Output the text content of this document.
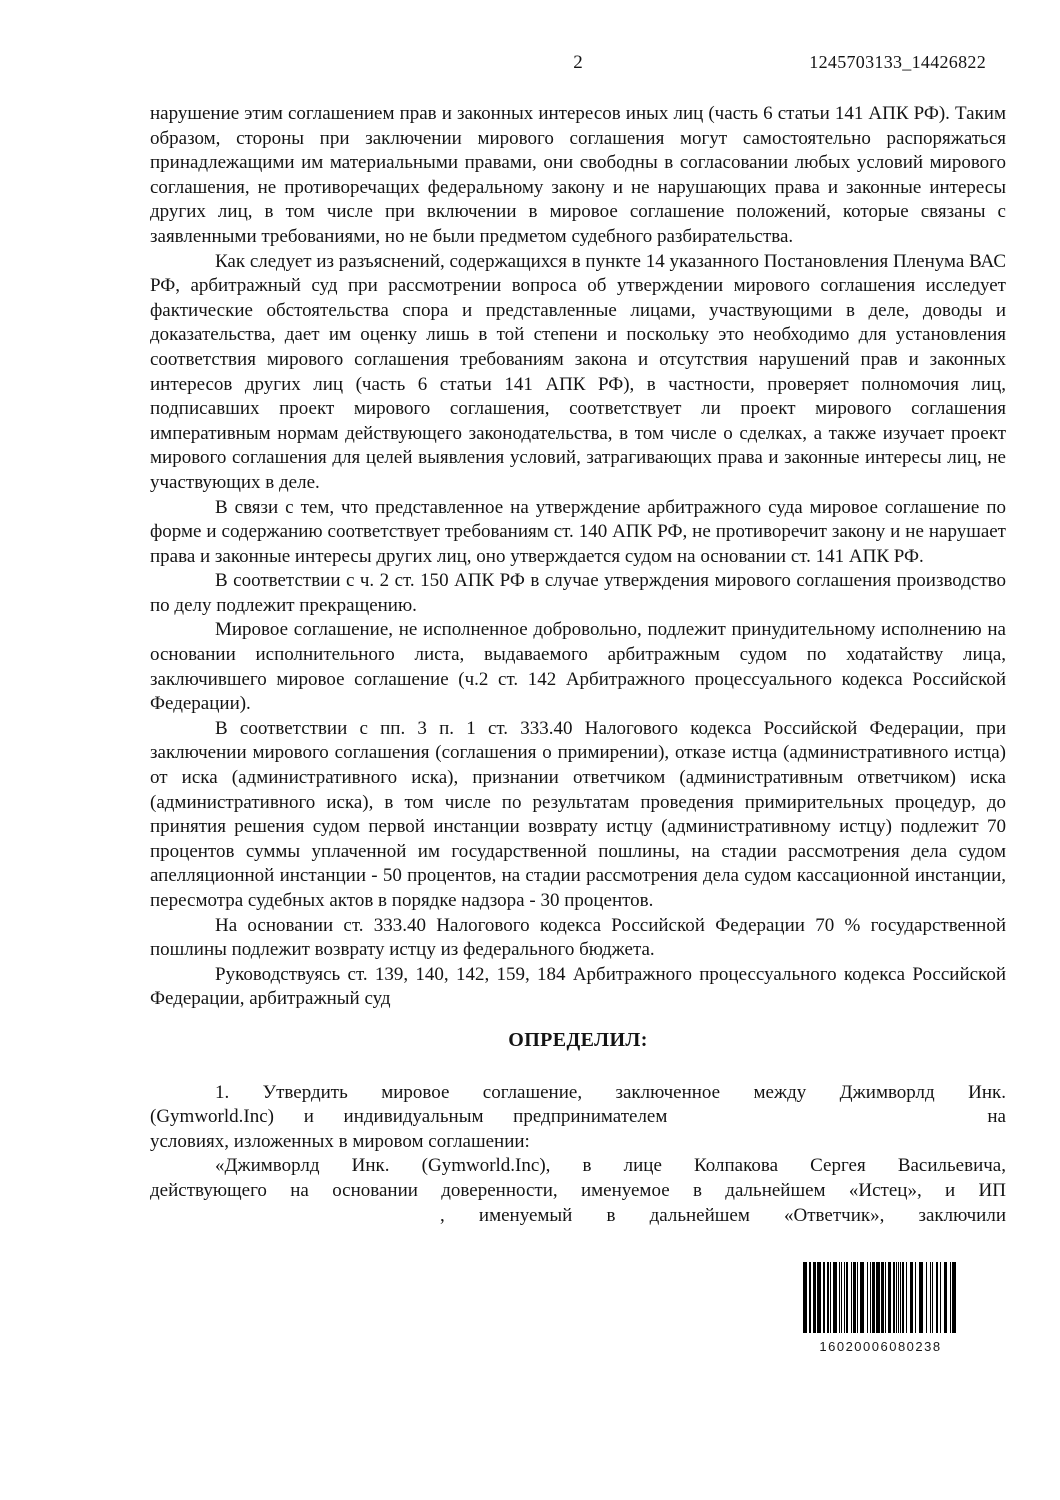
2	1245703133_14426822
нарушение этим соглашением прав и законных интересов иных лиц (часть 6 статьи 141 АПК РФ). Таким образом, стороны при заключении мирового соглашения могут самостоятельно распоряжаться принадлежащими им материальными правами, они свободны в согласовании любых условий мирового соглашения, не противоречащих федеральному закону и не нарушающих права и законные интересы других лиц, в том числе при включении в мировое соглашение положений, которые связаны с заявленными требованиями, но не были предметом судебного разбирательства.
Как следует из разъяснений, содержащихся в пункте 14 указанного Постановления Пленума ВАС РФ, арбитражный суд при рассмотрении вопроса об утверждении мирового соглашения исследует фактические обстоятельства спора и представленные лицами, участвующими в деле, доводы и доказательства, дает им оценку лишь в той степени и поскольку это необходимо для установления соответствия мирового соглашения требованиям закона и отсутствия нарушений прав и законных интересов других лиц (часть 6 статьи 141 АПК РФ), в частности, проверяет полномочия лиц, подписавших проект мирового соглашения, соответствует ли проект мирового соглашения императивным нормам действующего законодательства, в том числе о сделках, а также изучает проект мирового соглашения для целей выявления условий, затрагивающих права и законные интересы лиц, не участвующих в деле.
В связи с тем, что представленное на утверждение арбитражного суда мировое соглашение по форме и содержанию соответствует требованиям ст. 140 АПК РФ, не противоречит закону и не нарушает права и законные интересы других лиц, оно утверждается судом на основании ст. 141 АПК РФ.
В соответствии с ч. 2 ст. 150 АПК РФ в случае утверждения мирового соглашения производство по делу подлежит прекращению.
Мировое соглашение, не исполненное добровольно, подлежит принудительному исполнению на основании исполнительного листа, выдаваемого арбитражным судом по ходатайству лица, заключившего мировое соглашение (ч.2 ст. 142 Арбитражного процессуального кодекса Российской Федерации).
В соответствии с пп. 3 п. 1 ст. 333.40 Налогового кодекса Российской Федерации, при заключении мирового соглашения (соглашения о примирении), отказе истца (административного истца) от иска (административного иска), признании ответчиком (административным ответчиком) иска (административного иска), в том числе по результатам проведения примирительных процедур, до принятия решения судом первой инстанции возврату истцу (административному истцу) подлежит 70 процентов суммы уплаченной им государственной пошлины, на стадии рассмотрения дела судом апелляционной инстанции - 50 процентов, на стадии рассмотрения дела судом кассационной инстанции, пересмотра судебных актов в порядке надзора - 30 процентов.
На основании ст. 333.40 Налогового кодекса Российской Федерации 70 % государственной пошлины подлежит возврату истцу из федерального бюджета.
Руководствуясь ст. 139, 140, 142, 159, 184 Арбитражного процессуального кодекса Российской Федерации, арбитражный суд
ОПРЕДЕЛИЛ:
1. Утвердить мировое соглашение, заключенное между Джимворлд Инк.
(Gymworld.Inc) и индивидуальным предпринимателем	на
условиях, изложенных в мировом соглашении:
«Джимворлд Инк. (Gymworld.Inc), в лице Колпакова Сергея Васильевича,
действующего на основании доверенности, именуемое в дальнейшем «Истец», и ИП
, именуемый в дальнейшем «Ответчик», заключили
16020006080238
